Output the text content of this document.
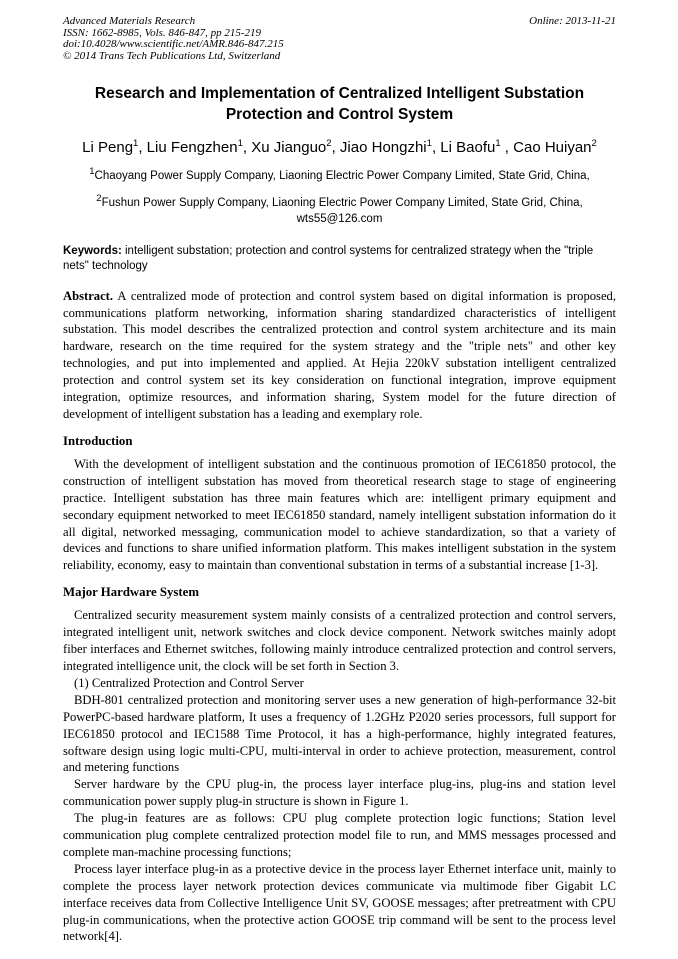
Advanced Materials Research
ISSN: 1662-8985, Vols. 846-847, pp 215-219
doi:10.4028/www.scientific.net/AMR.846-847.215
© 2014 Trans Tech Publications Ltd, Switzerland
Online: 2013-11-21
Research and Implementation of Centralized Intelligent Substation
Protection and Control System
Li Peng$^1$, Liu Fengzhen$^1$, Xu Jianguo$^2$, Jiao Hongzhi$^1$, Li Baofu$^1$ , Cao Huiyan$^2$
$^1$Chaoyang Power Supply Company, Liaoning Electric Power Company Limited, State Grid, China,
$^2$Fushun Power Supply Company, Liaoning Electric Power Company Limited, State Grid, China,
wts55@126.com

Keywords: intelligent substation; protection and control systems for centralized strategy when the "triple nets" technology

Abstract. A centralized mode of protection and control system based on digital information is proposed, communications platform networking, information sharing standardized characteristics of intelligent substation. This model describes the centralized protection and control system architecture and its main hardware, research on the time required for the system strategy and the "triple nets" and other key technologies, and put into implemented and applied. At Hejia 220kV substation intelligent centralized protection and control system set its key consideration on functional integration, improve equipment integration, optimize resources, and information sharing, System model for the future direction of development of intelligent substation has a leading and exemplary role.

Introduction

With the development of intelligent substation and the continuous promotion of IEC61850 protocol, the construction of intelligent substation has moved from theoretical research stage to stage of engineering practice. Intelligent substation has three main features which are: intelligent primary equipment and secondary equipment networked to meet IEC61850 standard, namely intelligent substation information do it all digital, networked messaging, communication model to achieve standardization, so that a variety of devices and functions to share unified information platform. This makes intelligent substation in the system reliability, economy, easy to maintain than conventional substation in terms of a substantial increase [1-3].

Major Hardware System

Centralized security measurement system mainly consists of a centralized protection and control servers, integrated intelligent unit, network switches and clock device component. Network switches mainly adopt fiber interfaces and Ethernet switches, following mainly introduce centralized protection and control servers, integrated intelligence unit, the clock will be set forth in Section 3.

(1) Centralized Protection and Control Server

BDH-801 centralized protection and monitoring server uses a new generation of high-performance 32-bit PowerPC-based hardware platform, It uses a frequency of 1.2GHz P2020 series processors, full support for IEC61850 protocol and IEC1588 Time Protocol, it has a high-performance, highly integrated features, software design using logic multi-CPU, multi-interval in order to achieve protection, measurement, control and metering functions

Server hardware by the CPU plug-in, the process layer interface plug-ins, plug-ins and station level communication power supply plug-in structure is shown in Figure 1.

The plug-in features are as follows: CPU plug complete protection logic functions; Station level communication plug complete centralized protection model file to run, and MMS messages processed and complete man-machine processing functions;

Process layer interface plug-in as a protective device in the process layer Ethernet interface unit, mainly to complete the process layer network protection devices communicate via multimode fiber Gigabit LC interface receives data from Collective Intelligence Unit SV, GOOSE messages; after pretreatment with CPU plug-in communications, when the protective action GOOSE trip command will be sent to the process level network[4].
